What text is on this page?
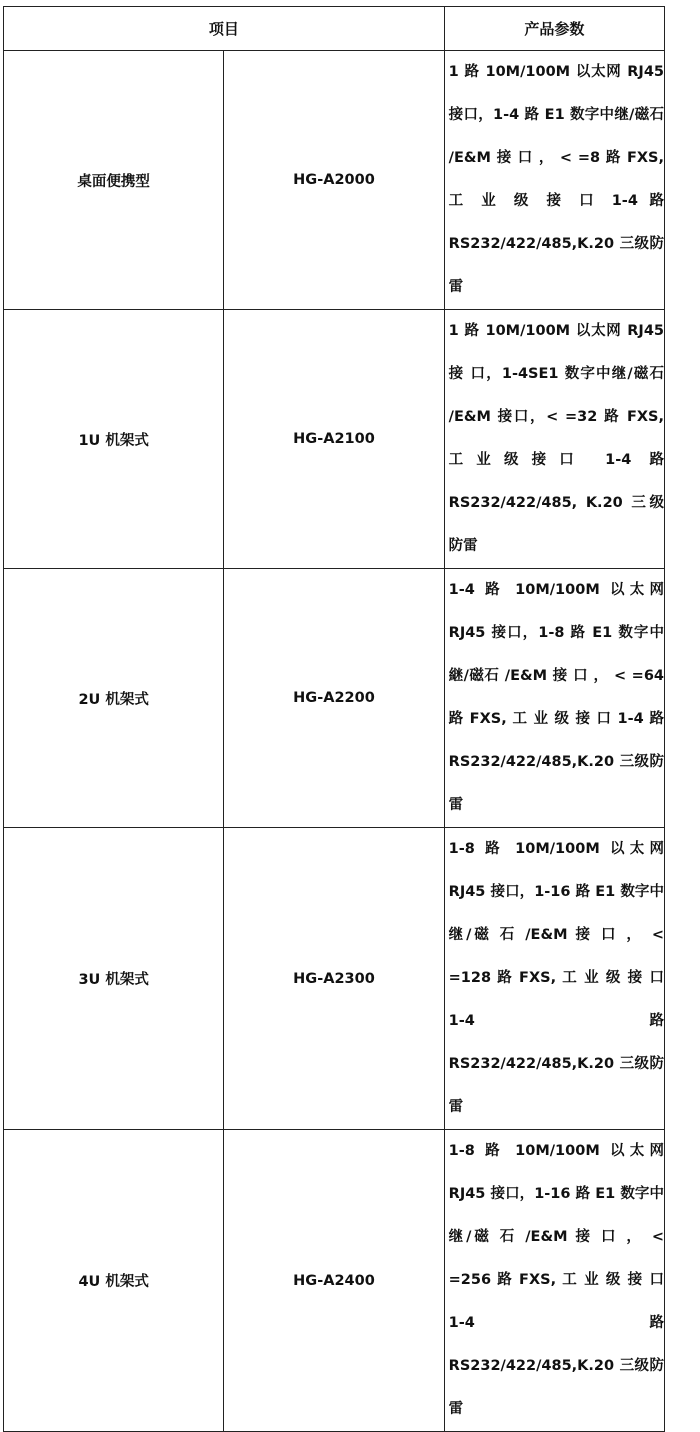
项目		产品参数
桌面便携型	HG-A2000	1 路 10M/100M 以太网 RJ45 接口，1-4 路 E1 数字中继/磁石 /E&M 接 口 ， < =8 路 FXS, 工 业 级 接 口 1-4 路 RS232/422/485,K.20 三级防雷
1U 机架式	HG-A2100	1 路 10M/100M 以太网 RJ45 接 口，1-4SE1 数字中继/磁石 /E&M 接口，< =32 路 FXS,工业级接口 1-4 路 RS232/422/485, K.20 三级防雷
2U 机架式	HG-A2200	1-4 路 10M/100M 以太网 RJ45 接口，1-8 路 E1 数字中継/磁石 /E&M 接 口 ， < =64 路 FXS, 工 业 级 接 口 1-4 路 RS232/422/485,K.20 三级防雷
3U 机架式	HG-A2300	1-8 路 10M/100M 以太网 RJ45 接口，1-16 路 E1 数字中继/磁 石 /E&M 接 口 ， < =128 路 FXS, 工 业 级 接 口 1-4 路 RS232/422/485,K.20 三级防雷
4U 机架式	HG-A2400	1-8 路 10M/100M 以太网 RJ45 接口，1-16 路 E1 数字中继/磁 石 /E&M 接 口 ， < =256 路 FXS, 工 业 级 接 口 1-4 路 RS232/422/485,K.20 三级防雷
